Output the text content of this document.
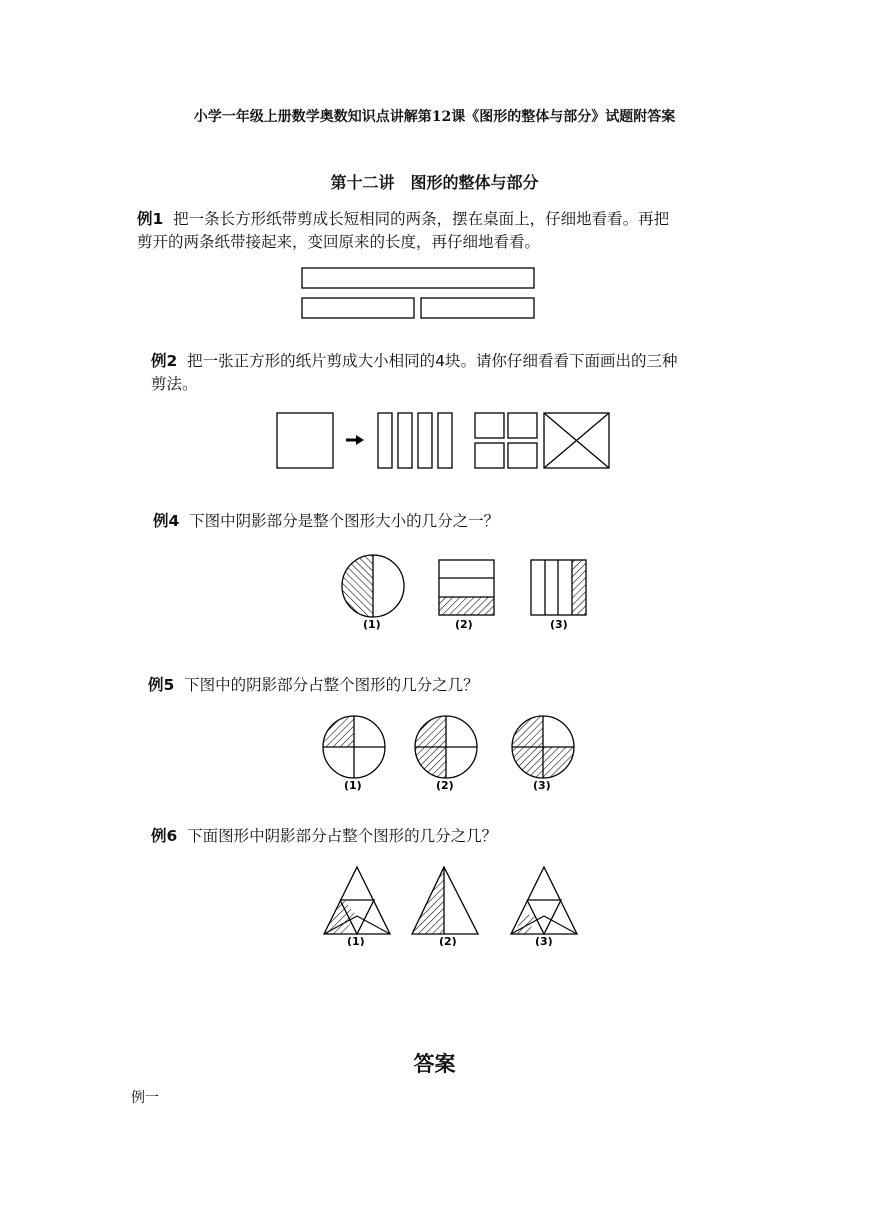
小学一年级上册数学奥数知识点讲解第12课《图形的整体与部分》试题附答案
第十二讲　图形的整体与部分
例1 把一条长方形纸带剪成长短相同的两条，摆在桌面上，仔细地看看。再把
剪开的两条纸带接起来，变回原来的长度，再仔细地看看。
例2 把一张正方形的纸片剪成大小相同的4块。请你仔细看看下面画出的三种
剪法。
例4 下图中阴影部分是整个图形大小的几分之一？
(1)	(2)	(3)
例5 下图中的阴影部分占整个图形的几分之几？
(1)	(2)	(3)
例6 下面图形中阴影部分占整个图形的几分之几？
(1)	(2)	(3)
答案
例一
